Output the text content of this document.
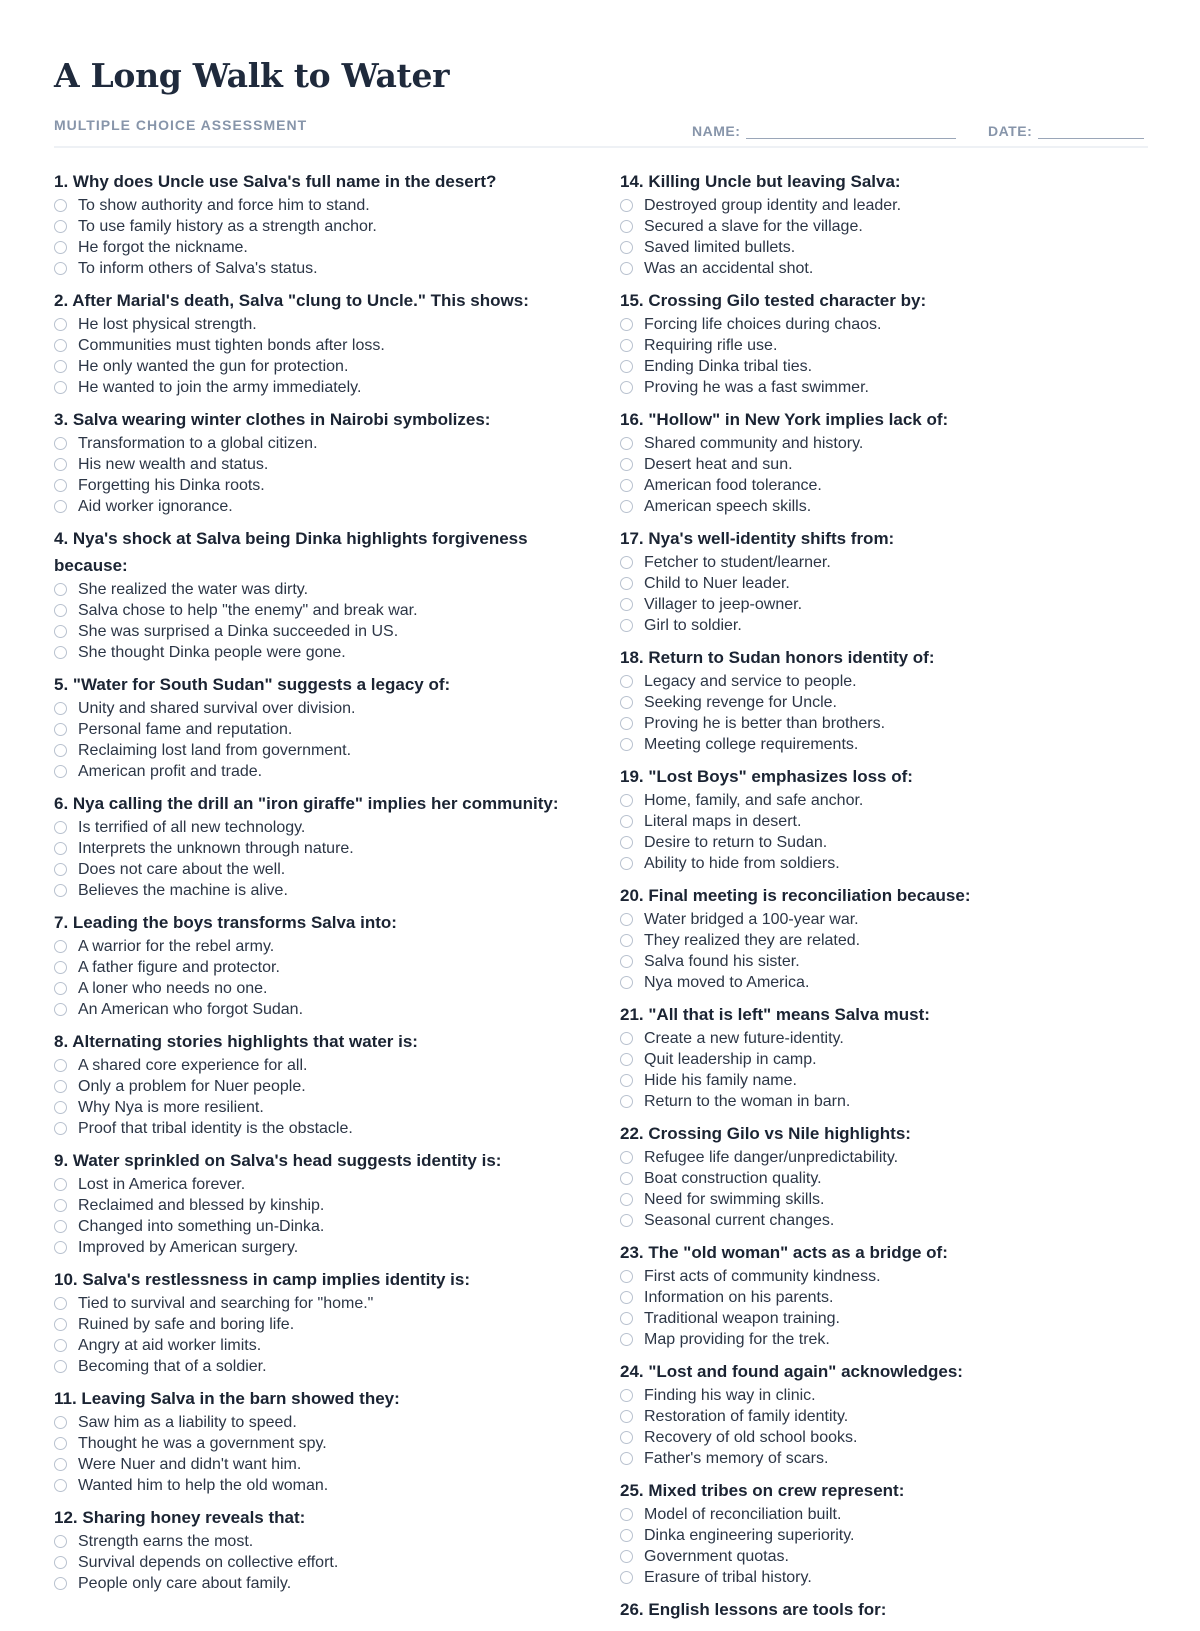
A Long Walk to Water
MULTIPLE CHOICE ASSESSMENT	NAME:	DATE:

1. Why does Uncle use Salva's full name in the desert?

To show authority and force him to stand.
To use family history as a strength anchor.
He forgot the nickname.
To inform others of Salva's status.

2. After Marial's death, Salva "clung to Uncle." This shows:

He lost physical strength.
Communities must tighten bonds after loss.
He only wanted the gun for protection.
He wanted to join the army immediately.

3. Salva wearing winter clothes in Nairobi symbolizes:

Transformation to a global citizen.
His new wealth and status.
Forgetting his Dinka roots.
Aid worker ignorance.

4. Nya's shock at Salva being Dinka highlights forgiveness because:

She realized the water was dirty.
Salva chose to help "the enemy" and break war.
She was surprised a Dinka succeeded in US.
She thought Dinka people were gone.

5. "Water for South Sudan" suggests a legacy of:

Unity and shared survival over division.
Personal fame and reputation.
Reclaiming lost land from government.
American profit and trade.

6. Nya calling the drill an "iron giraffe" implies her community:

Is terrified of all new technology.
Interprets the unknown through nature.
Does not care about the well.
Believes the machine is alive.

7. Leading the boys transforms Salva into:

A warrior for the rebel army.
A father figure and protector.
A loner who needs no one.
An American who forgot Sudan.

8. Alternating stories highlights that water is:

A shared core experience for all.
Only a problem for Nuer people.
Why Nya is more resilient.
Proof that tribal identity is the obstacle.

9. Water sprinkled on Salva's head suggests identity is:

Lost in America forever.
Reclaimed and blessed by kinship.
Changed into something un-Dinka.
Improved by American surgery.

10. Salva's restlessness in camp implies identity is:

Tied to survival and searching for "home."
Ruined by safe and boring life.
Angry at aid worker limits.
Becoming that of a soldier.

11. Leaving Salva in the barn showed they:

Saw him as a liability to speed.
Thought he was a government spy.
Were Nuer and didn't want him.
Wanted him to help the old woman.

12. Sharing honey reveals that:

Strength earns the most.
Survival depends on collective effort.
People only care about family.

14. Killing Uncle but leaving Salva:

Destroyed group identity and leader.
Secured a slave for the village.
Saved limited bullets.
Was an accidental shot.

15. Crossing Gilo tested character by:

Forcing life choices during chaos.
Requiring rifle use.
Ending Dinka tribal ties.
Proving he was a fast swimmer.

16. "Hollow" in New York implies lack of:

Shared community and history.
Desert heat and sun.
American food tolerance.
American speech skills.

17. Nya's well-identity shifts from:

Fetcher to student/learner.
Child to Nuer leader.
Villager to jeep-owner.
Girl to soldier.

18. Return to Sudan honors identity of:

Legacy and service to people.
Seeking revenge for Uncle.
Proving he is better than brothers.
Meeting college requirements.

19. "Lost Boys" emphasizes loss of:

Home, family, and safe anchor.
Literal maps in desert.
Desire to return to Sudan.
Ability to hide from soldiers.

20. Final meeting is reconciliation because:

Water bridged a 100-year war.
They realized they are related.
Salva found his sister.
Nya moved to America.

21. "All that is left" means Salva must:

Create a new future-identity.
Quit leadership in camp.
Hide his family name.
Return to the woman in barn.

22. Crossing Gilo vs Nile highlights:

Refugee life danger/unpredictability.
Boat construction quality.
Need for swimming skills.
Seasonal current changes.

23. The "old woman" acts as a bridge of:

First acts of community kindness.
Information on his parents.
Traditional weapon training.
Map providing for the trek.

24. "Lost and found again" acknowledges:

Finding his way in clinic.
Restoration of family identity.
Recovery of old school books.
Father's memory of scars.

25. Mixed tribes on crew represent:

Model of reconciliation built.
Dinka engineering superiority.
Government quotas.
Erasure of tribal history.

26. English lessons are tools for:
